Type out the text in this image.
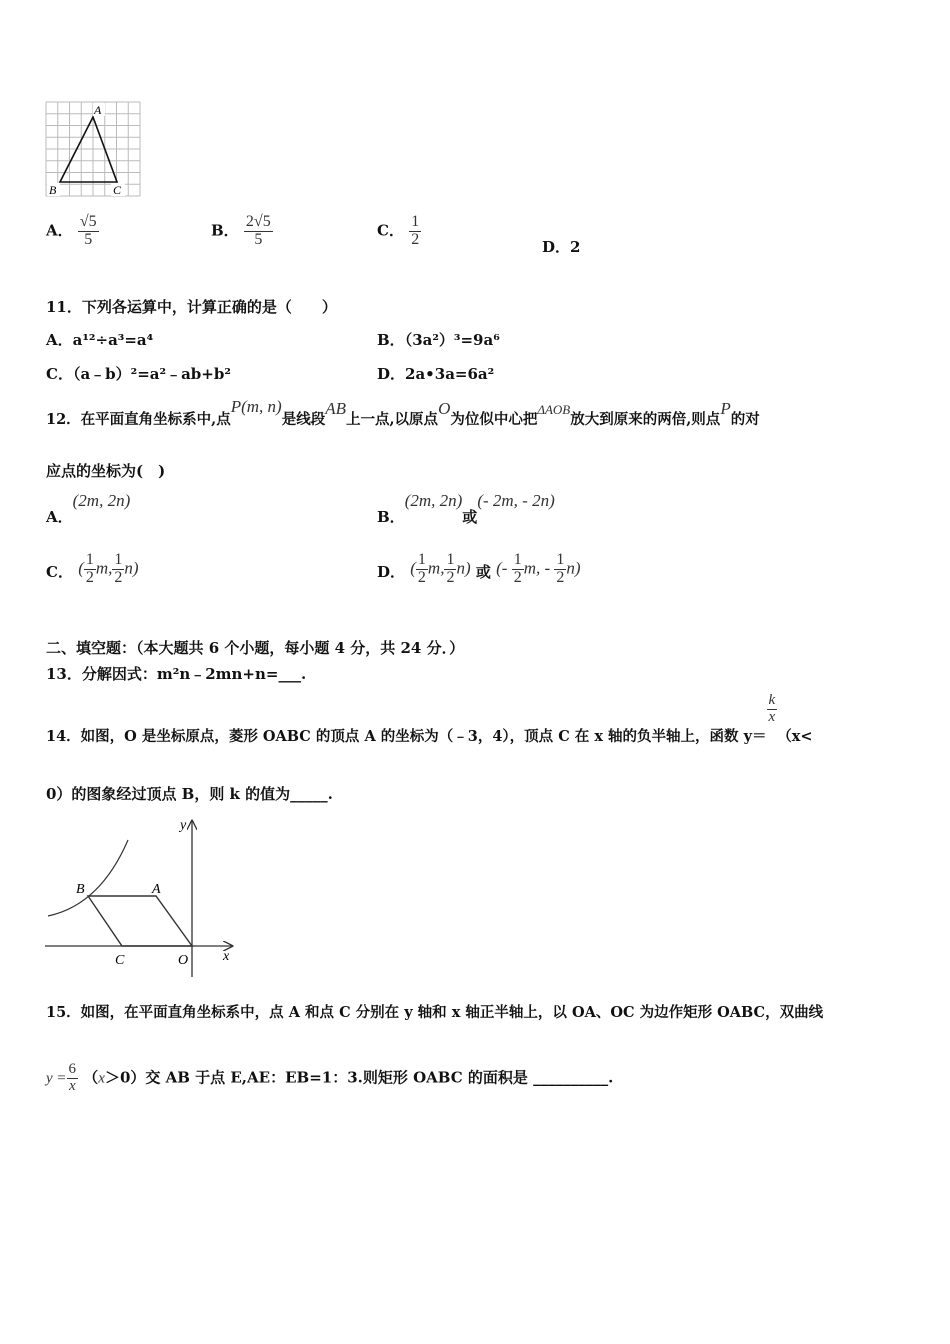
A
B	C
A． $\frac{√5}{5}$	B． $\frac{2√5}{5}$	C． $\frac{1}{2}$	D．2
11．下列各运算中，计算正确的是（　　）
A．a¹²÷a³=a⁴	B．（3a²）³=9a⁶
C．（a﹣b）²=a²﹣ab+b²	D．2a•3a=6a²
12．在平面直角坐标系中,点P(m, n)是线段AB上一点,以原点O为位似中心把ΔAOB放大到原来的两倍,则点P的对
应点的坐标为(　)
A．(2m, 2n)
B．(2m, 2n)或(- 2m, - 2n)
C． ( $\frac{1}{2} m$, $\frac{1}{2} n$)	D． ( $\frac{1}{2} m$, $\frac{1}{2} n$) 或 (- $\frac{1}{2} m$, - $\frac{1}{2} n$)
二、填空题：（本大题共 6 个小题，每小题 4 分，共 24 分．）
13．分解因式：m²n﹣2mn+n=___.
14．如图，O 是坐标原点，菱形 OABC 的顶点 A 的坐标为（﹣3，4），顶点 C 在 x 轴的负半轴上，函数 y＝
$\frac{k}{x}$
（x<
0）的图象经过顶点 B，则 k 的值为_____.
y
x
B	A
C	O
15．如图，在平面直角坐标系中，点 A 和点 C 分别在 y 轴和 x 轴正半轴上，以 OA、OC 为边作矩形 OABC，双曲线
$y = \frac{6}{x} (x>0)$交 AB 于点 E,AE：EB=1：3.则矩形 OABC 的面积是 __________.
